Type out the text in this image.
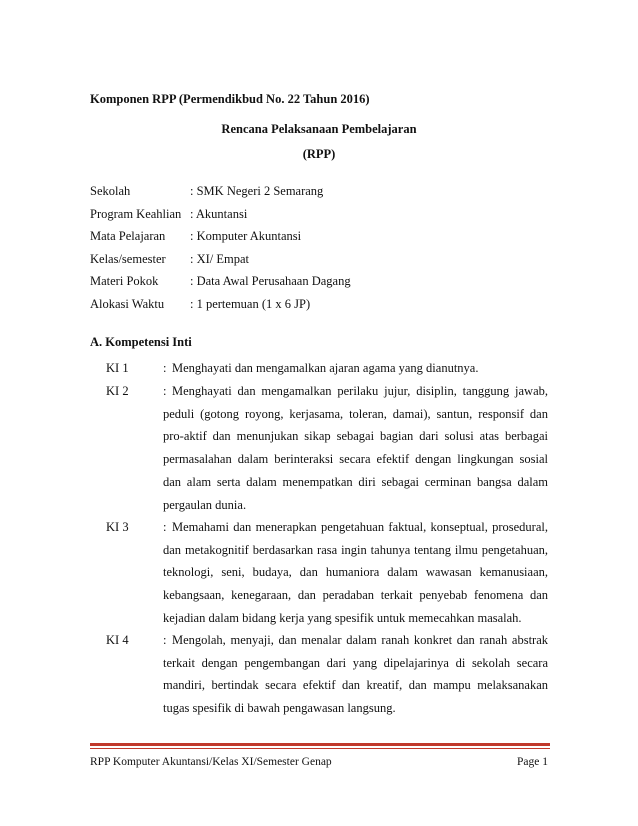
Komponen RPP (Permendikbud No. 22 Tahun 2016)
Rencana Pelaksanaan Pembelajaran
(RPP)
Sekolah	: SMK Negeri 2 Semarang
Program Keahlian : Akuntansi
Mata Pelajaran	: Komputer Akuntansi
Kelas/semester	: XI/ Empat
Materi Pokok	: Data Awal Perusahaan Dagang
Alokasi Waktu	: 1 pertemuan (1 x 6 JP)
A. Kompetensi Inti
KI 1	: Menghayati dan mengamalkan ajaran agama yang dianutnya.
KI 2	: Menghayati dan mengamalkan perilaku jujur, disiplin, tanggung jawab, peduli (gotong royong, kerjasama, toleran, damai), santun, responsif dan pro-aktif dan menunjukan sikap sebagai bagian dari solusi atas berbagai permasalahan dalam berinteraksi secara efektif dengan lingkungan sosial dan alam serta dalam menempatkan diri sebagai cerminan bangsa dalam pergaulan dunia.
KI 3	: Memahami dan menerapkan pengetahuan faktual, konseptual, prosedural, dan metakognitif berdasarkan rasa ingin tahunya tentang ilmu pengetahuan, teknologi, seni, budaya, dan humaniora dalam wawasan kemanusiaan, kebangsaan, kenegaraan, dan peradaban terkait penyebab fenomena dan kejadian dalam bidang kerja yang spesifik untuk memecahkan masalah.
KI 4	: Mengolah, menyaji, dan menalar dalam ranah konkret dan ranah abstrak terkait dengan pengembangan dari yang dipelajarinya di sekolah secara mandiri, bertindak secara efektif dan kreatif, dan mampu melaksanakan tugas spesifik di bawah pengawasan langsung.
RPP Komputer Akuntansi/Kelas XI/Semester Genap	Page 1
